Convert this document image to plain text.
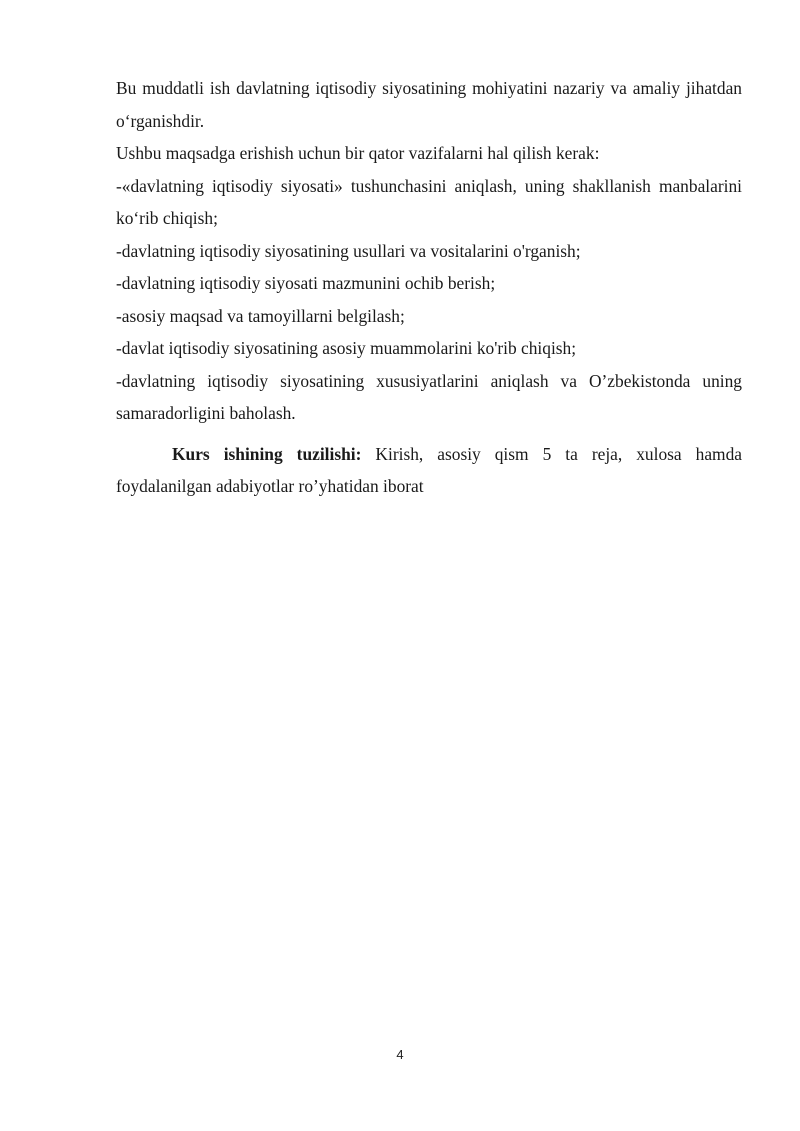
Bu muddatli ish davlatning iqtisodiy siyosatining mohiyatini nazariy va amaliy jihatdan o‘rganishdir.

Ushbu maqsadga erishish uchun bir qator vazifalarni hal qilish kerak:

-«davlatning iqtisodiy siyosati» tushunchasini aniqlash, uning shakllanish manbalarini ko‘rib chiqish;

-davlatning iqtisodiy siyosatining usullari va vositalarini o'rganish;

-davlatning iqtisodiy siyosati mazmunini ochib berish;

-asosiy maqsad va tamoyillarni belgilash;

-davlat iqtisodiy siyosatining asosiy muammolarini ko'rib chiqish;

-davlatning iqtisodiy siyosatining xususiyatlarini aniqlash va O’zbekistonda uning samaradorligini baholash.

Kurs ishining tuzilishi: Kirish, asosiy qism 5 ta reja, xulosa hamda foydalanilgan adabiyotlar ro’yhatidan iborat

4
